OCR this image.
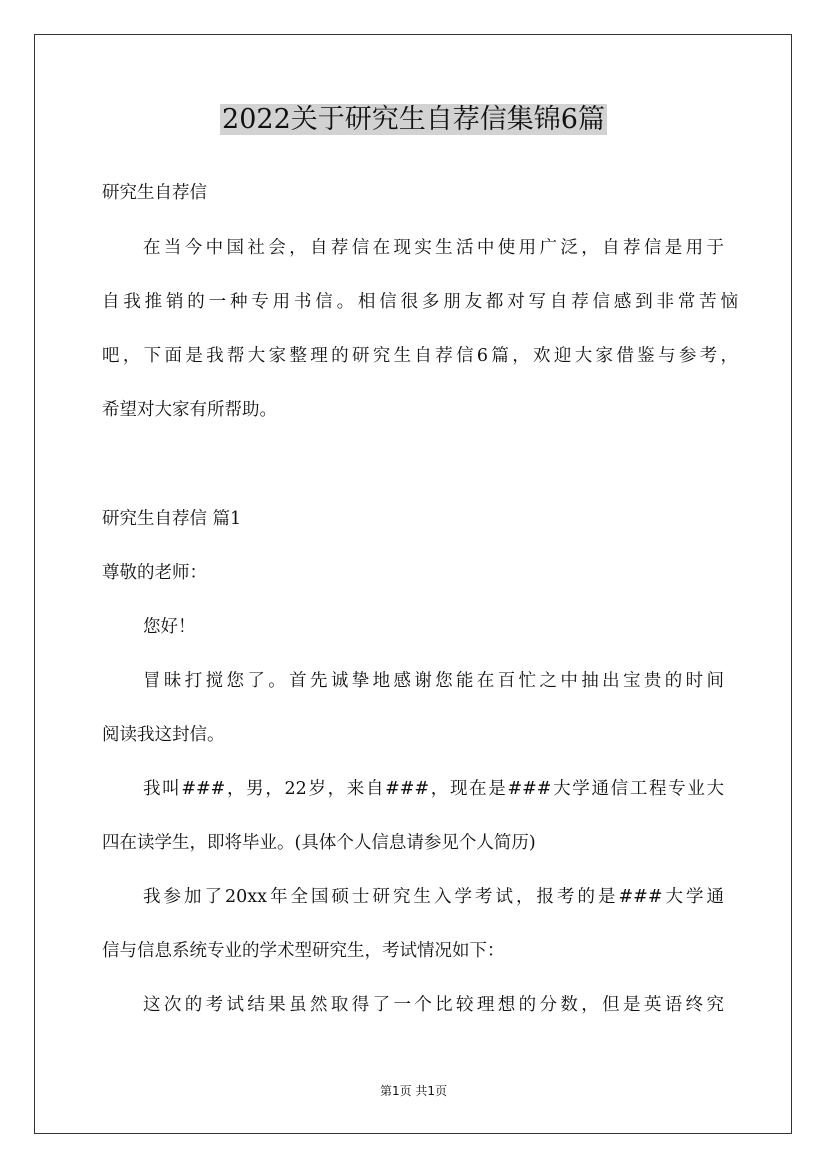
2022关于研究生自荐信集锦6篇
研究生自荐信
在当今中国社会，自荐信在现实生活中使用广泛，自荐信是用于
自我推销的一种专用书信。相信很多朋友都对写自荐信感到非常苦恼
吧，下面是我帮大家整理的研究生自荐信6篇，欢迎大家借鉴与参考，
希望对大家有所帮助。
研究生自荐信 篇1
尊敬的老师：
您好！
冒昧打搅您了。首先诚挚地感谢您能在百忙之中抽出宝贵的时间
阅读我这封信。
我叫###，男，22岁，来自###，现在是###大学通信工程专业大
四在读学生，即将毕业。(具体个人信息请参见个人简历)
我参加了20xx年全国硕士研究生入学考试，报考的是###大学通
信与信息系统专业的学术型研究生，考试情况如下：
这次的考试结果虽然取得了一个比较理想的分数，但是英语终究
第1页 共1页
